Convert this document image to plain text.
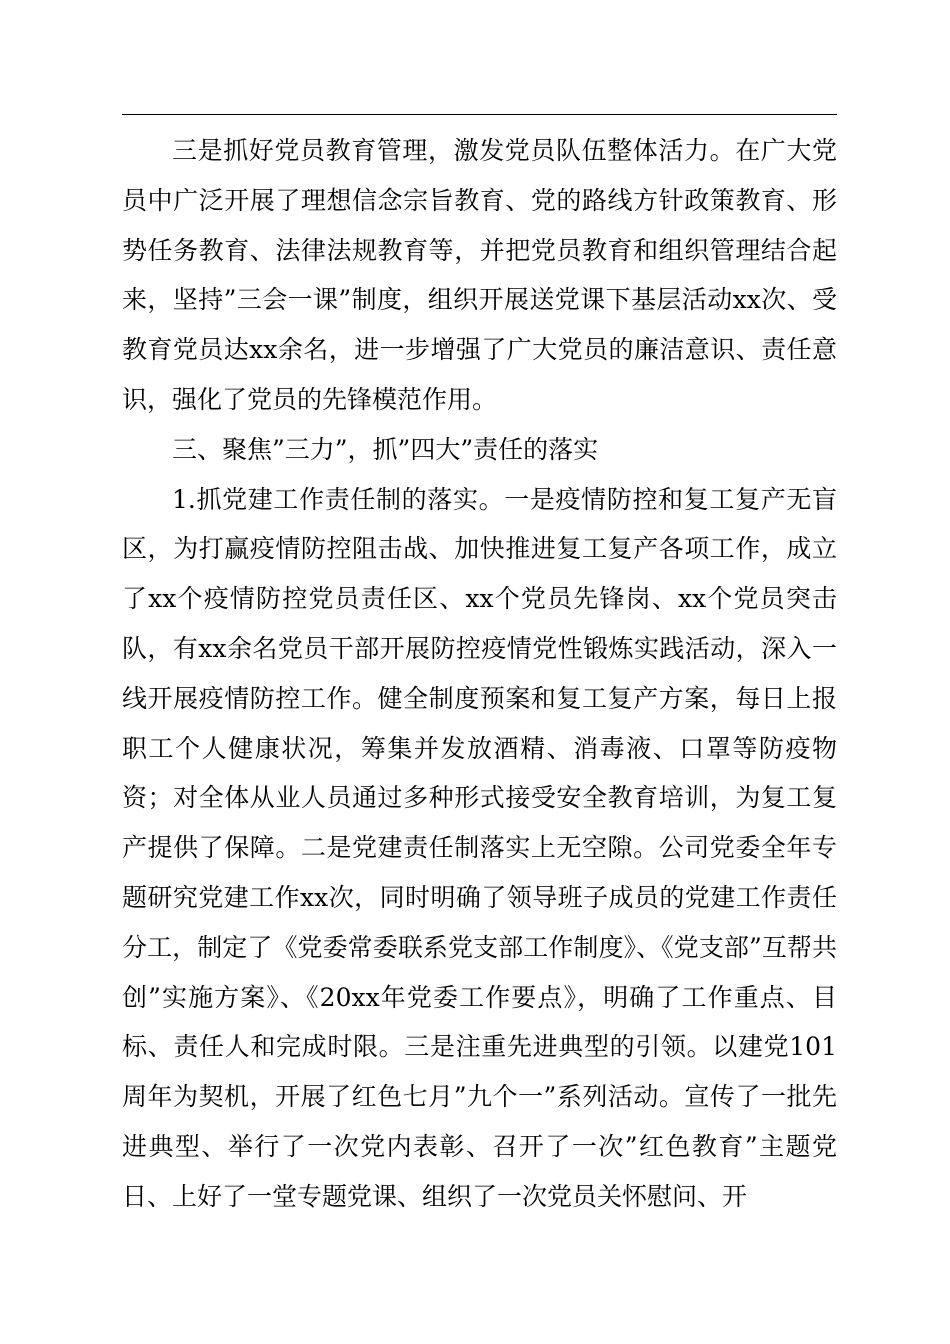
三是抓好党员教育管理，激发党员队伍整体活力。在广大党员中广泛开展了理想信念宗旨教育、党的路线方针政策教育、形势任务教育、法律法规教育等，并把党员教育和组织管理结合起来，坚持”三会一课”制度，组织开展送党课下基层活动xx次、受教育党员达xx余名，进一步增强了广大党员的廉洁意识、责任意识，强化了党员的先锋模范作用。

三、聚焦”三力”，抓”四大”责任的落实

1.抓党建工作责任制的落实。一是疫情防控和复工复产无盲区，为打赢疫情防控阻击战、加快推进复工复产各项工作，成立了xx个疫情防控党员责任区、xx个党员先锋岗、xx个党员突击队，有xx余名党员干部开展防控疫情党性锻炼实践活动，深入一线开展疫情防控工作。健全制度预案和复工复产方案，每日上报职工个人健康状况，筹集并发放酒精、消毒液、口罩等防疫物资；对全体从业人员通过多种形式接受安全教育培训，为复工复产提供了保障。二是党建责任制落实上无空隙。公司党委全年专题研究党建工作xx次，同时明确了领导班子成员的党建工作责任分工，制定了《党委常委联系党支部工作制度》、《党支部”互帮共创”实施方案》、《20xx年党委工作要点》，明确了工作重点、目标、责任人和完成时限。三是注重先进典型的引领。以建党101周年为契机，开展了红色七月”九个一”系列活动。宣传了一批先进典型、举行了一次党内表彰、召开了一次”红色教育”主题党日、上好了一堂专题党课、组织了一次党员关怀慰问、开
